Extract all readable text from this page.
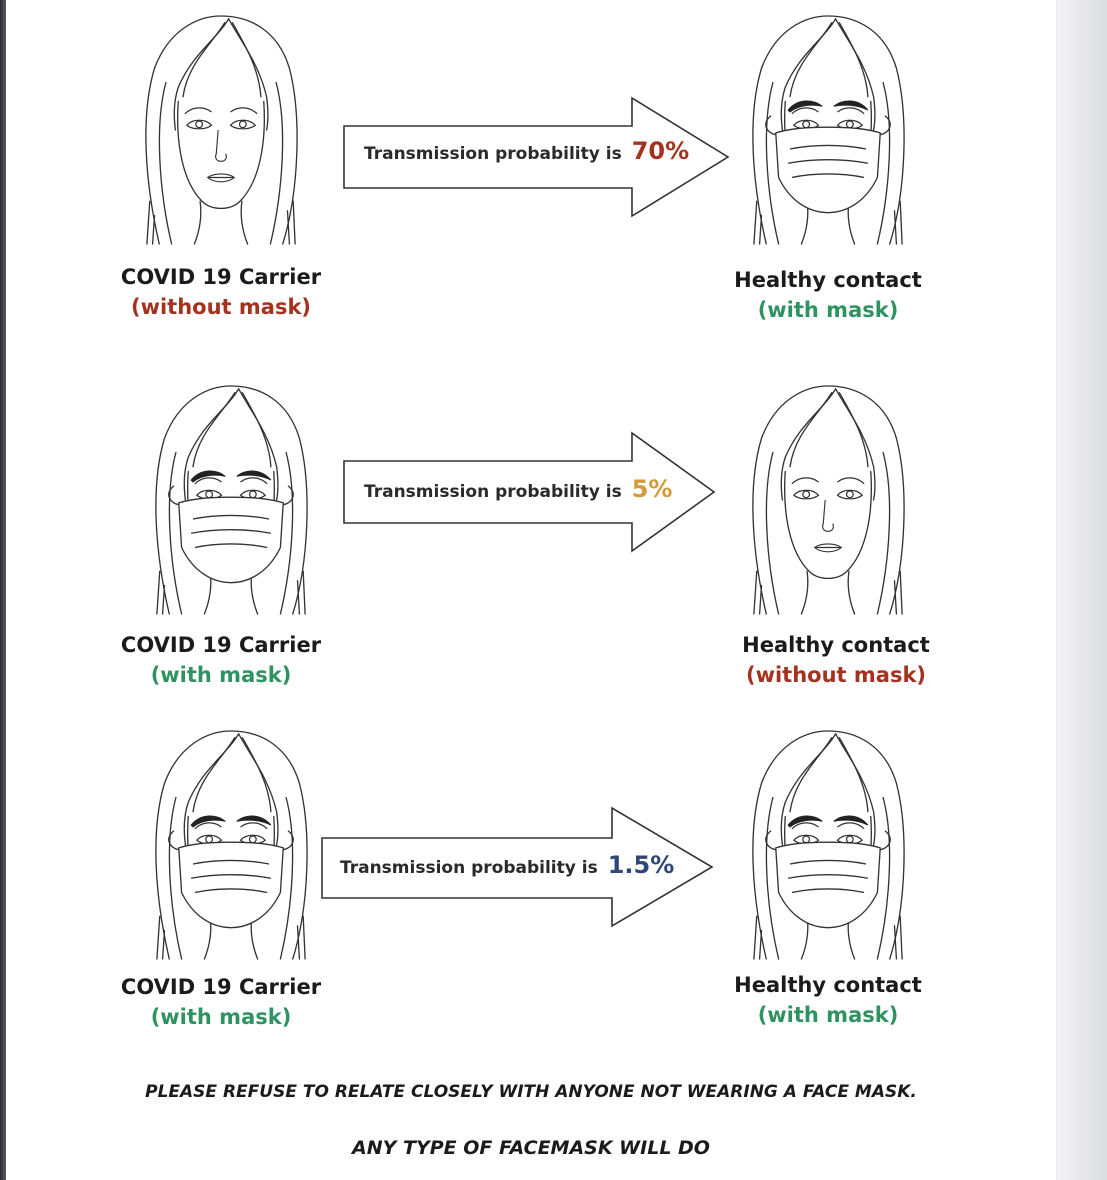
Transmission probability is 70%
COVID 19 Carrier
(without mask)
Healthy contact
(with mask)
Transmission probability is 5%
COVID 19 Carrier
(with mask)
Healthy contact
(without mask)
Transmission probability is 1.5%
COVID 19 Carrier
(with mask)
Healthy contact
(with mask)
PLEASE REFUSE TO RELATE CLOSELY WITH ANYONE NOT WEARING A FACE MASK.
ANY TYPE OF FACEMASK WILL DO
